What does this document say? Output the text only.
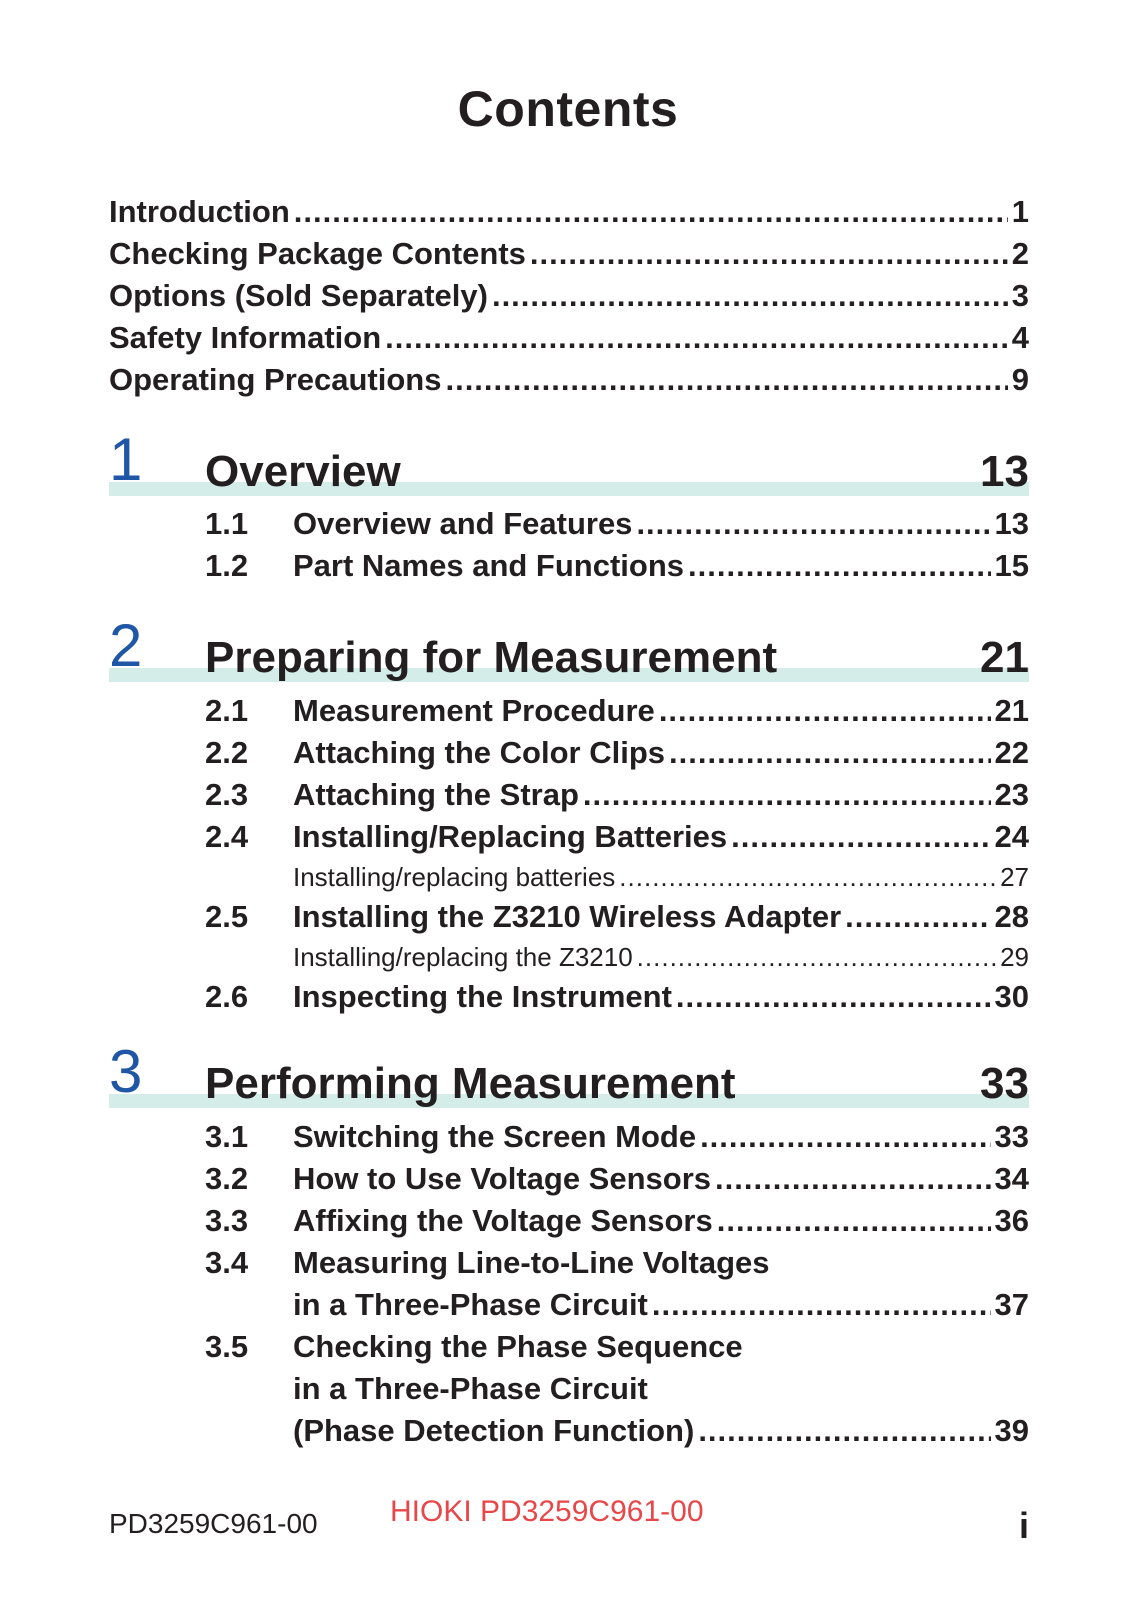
Contents
Introduction .....	1
Checking Package Contents .....	2
Options (Sold Separately) .....	3
Safety Information .....	4
Operating Precautions .....	9
1 Overview	13
1.1	Overview and Features .....	13
1.2	Part Names and Functions .....	15
2 Preparing for Measurement	21
2.1	Measurement Procedure .....	21
2.2	Attaching the Color Clips .....	22
2.3	Attaching the Strap .....	23
2.4	Installing/Replacing Batteries .....	24
Installing/replacing batteries .....	27
2.5	Installing the Z3210 Wireless Adapter .....	28
Installing/replacing the Z3210 .....	29
2.6	Inspecting the Instrument .....	30
3 Performing Measurement	33
3.1	Switching the Screen Mode .....	33
3.2	How to Use Voltage Sensors .....	34
3.3	Affixing the Voltage Sensors .....	36
3.4	Measuring Line-to-Line Voltages
in a Three-Phase Circuit .....	37
3.5	Checking the Phase Sequence
in a Three-Phase Circuit
(Phase Detection Function) .....	39
PD3259C961-00 HIOKI PD3259C961-00	i
